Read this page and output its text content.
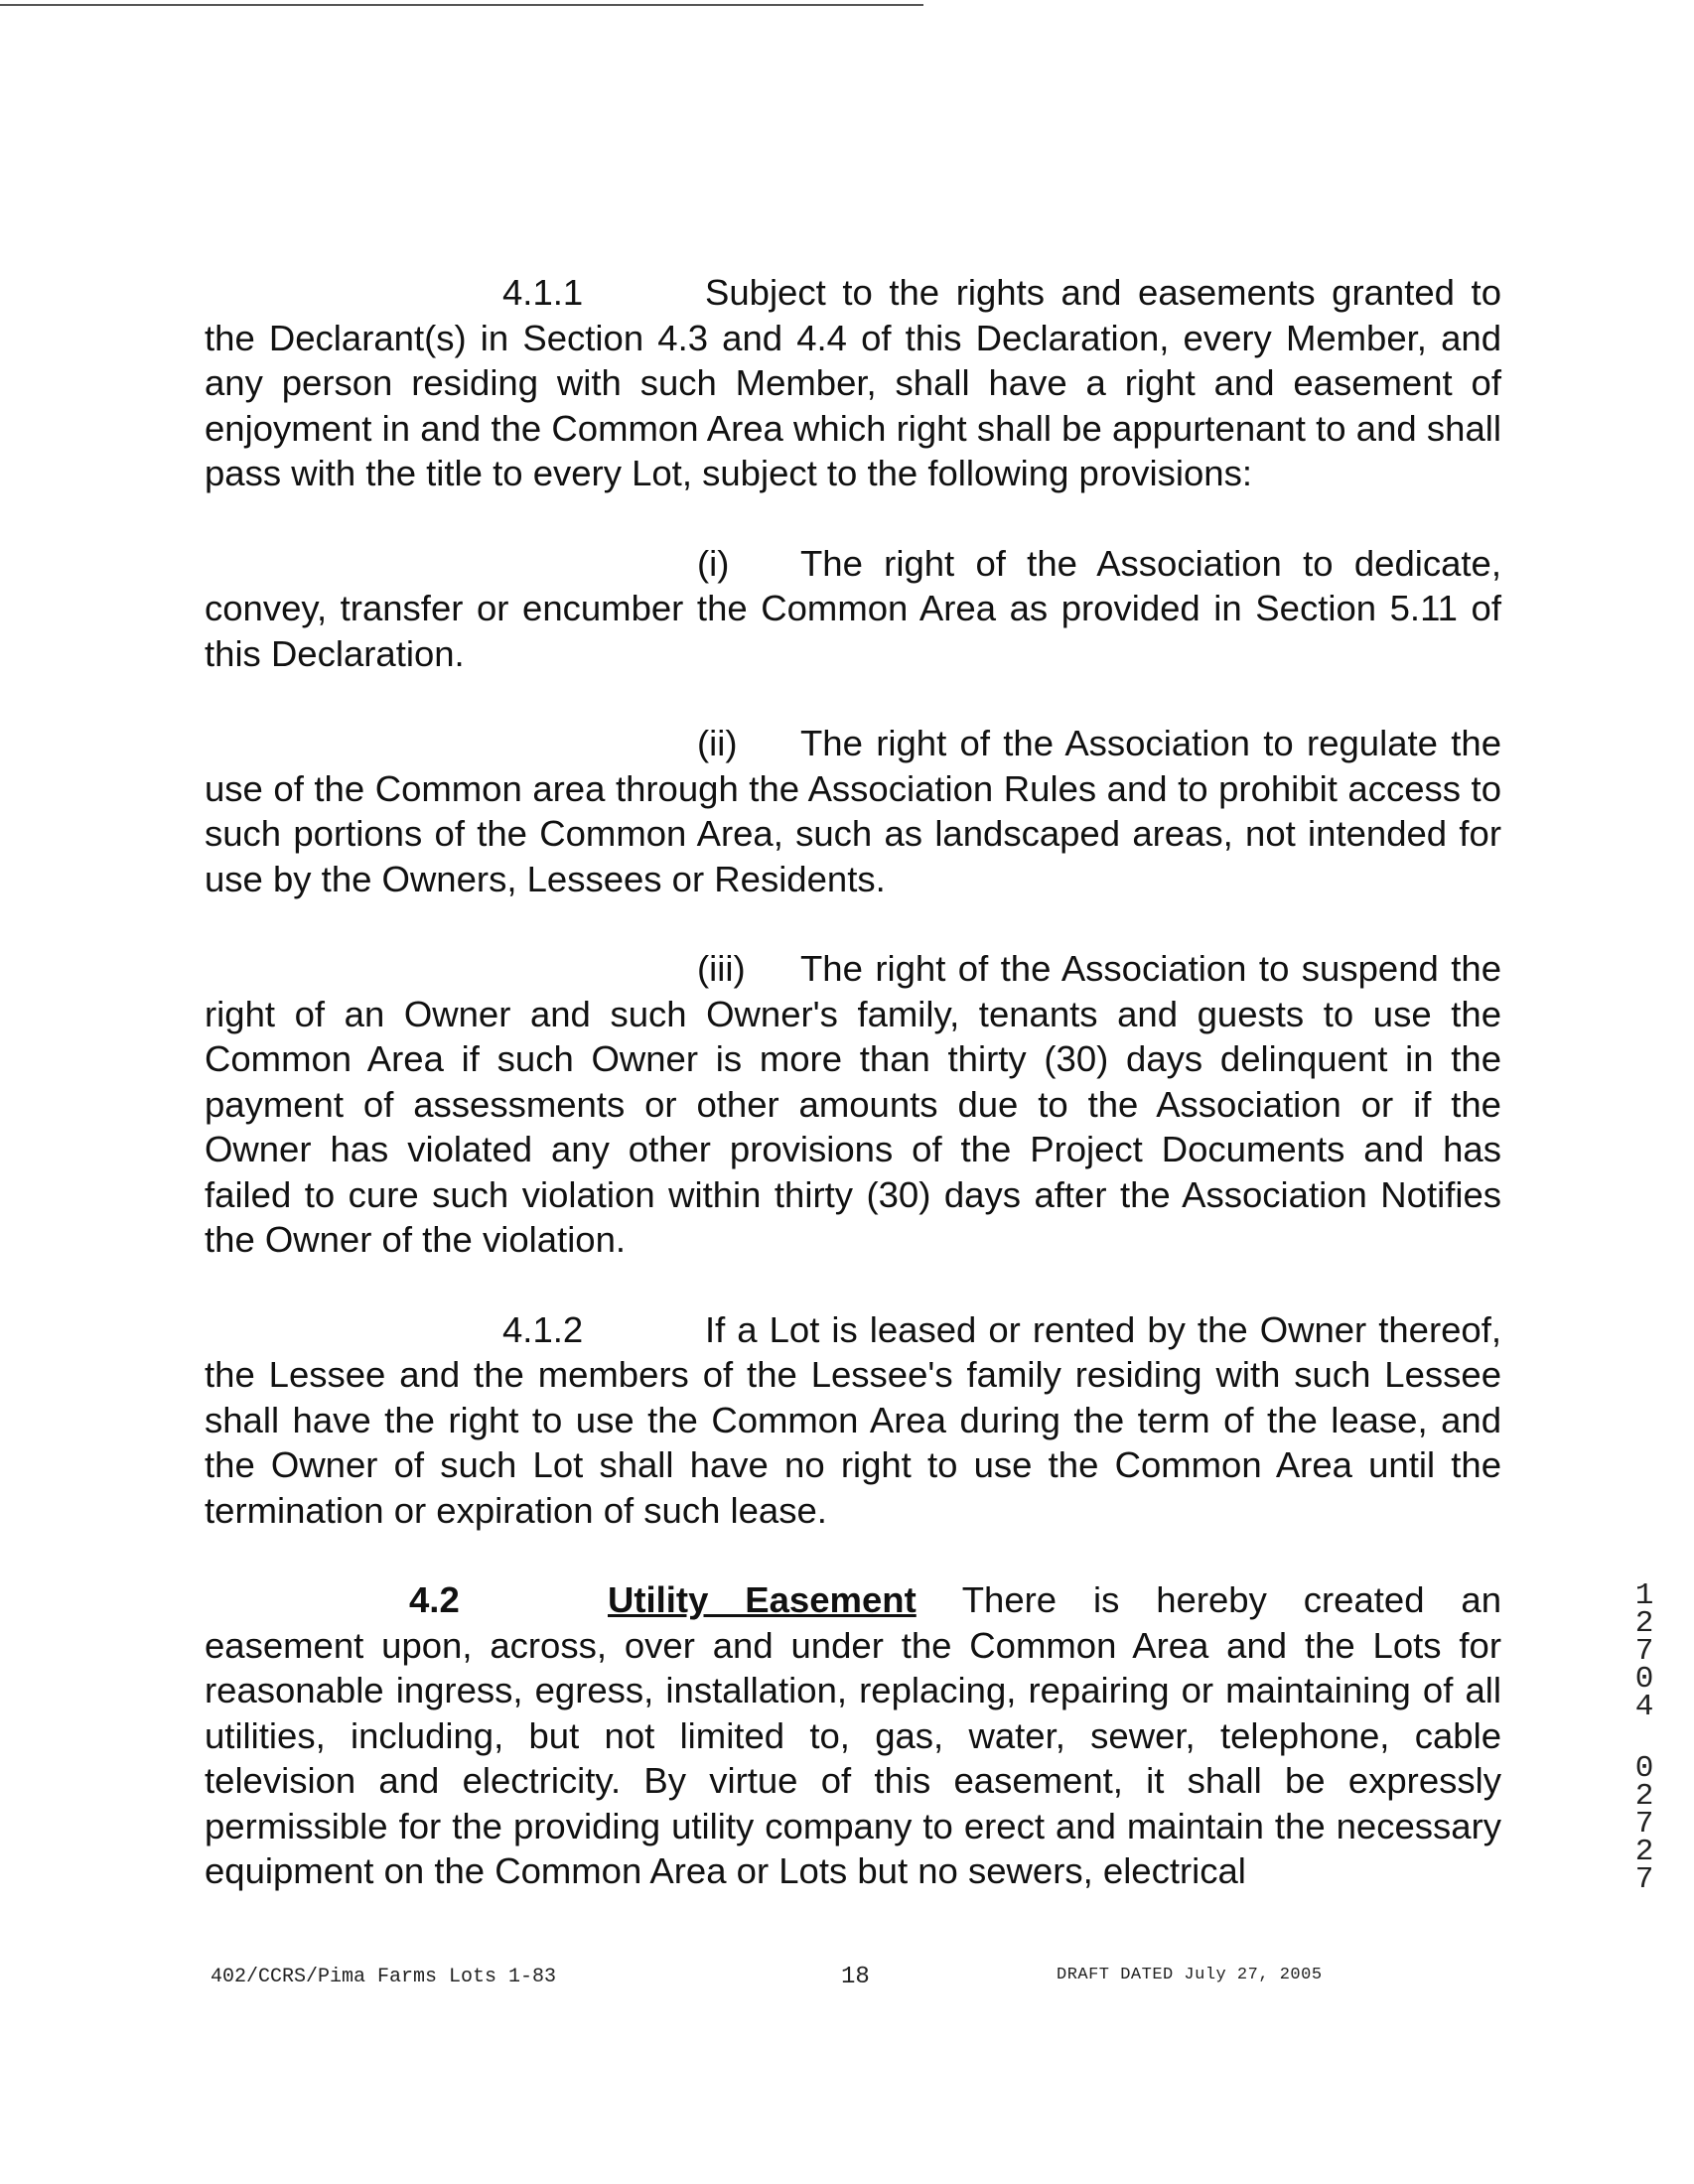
4.1.1	Subject to the rights and easements granted to the Declarant(s) in Section 4.3 and 4.4 of this Declaration, every Member, and any person residing with such Member, shall have a right and easement of enjoyment in and the Common Area which right shall be appurtenant to and shall pass with the title to every Lot, subject to the following provisions:

(i) The right of the Association to dedicate, convey, transfer or encumber the Common Area as provided in Section 5.11 of this Declaration.

(ii) The right of the Association to regulate the use of the Common area through the Association Rules and to prohibit access to such portions of the Common Area, such as landscaped areas, not intended for use by the Owners, Lessees or Residents.

(iii) The right of the Association to suspend the right of an Owner and such Owner's family, tenants and guests to use the Common Area if such Owner is more than thirty (30) days delinquent in the payment of assessments or other amounts due to the Association or if the Owner has violated any other provisions of the Project Documents and has failed to cure such violation within thirty (30) days after the Association Notifies the Owner of the violation.

4.1.2	If a Lot is leased or rented by the Owner thereof, the Lessee and the members of the Lessee's family residing with such Lessee shall have the right to use the Common Area during the term of the lease, and the Owner of such Lot shall have no right to use the Common Area until the termination or expiration of such lease.

4.2	Utility Easement There is hereby created an easement upon, across, over and under the Common Area and the Lots for reasonable ingress, egress, installation, replacing, repairing or maintaining of all utilities, including, but not limited to, gas, water, sewer, telephone, cable television and electricity. By virtue of this easement, it shall be expressly permissible for the providing utility company to erect and maintain the necessary equipment on the Common Area or Lots but no sewers, electrical

1
2
7
0
4
0
2
7
2
7
402/CCRS/Pima Farms Lots 1-83	18	DRAFT DATED July 27, 2005
